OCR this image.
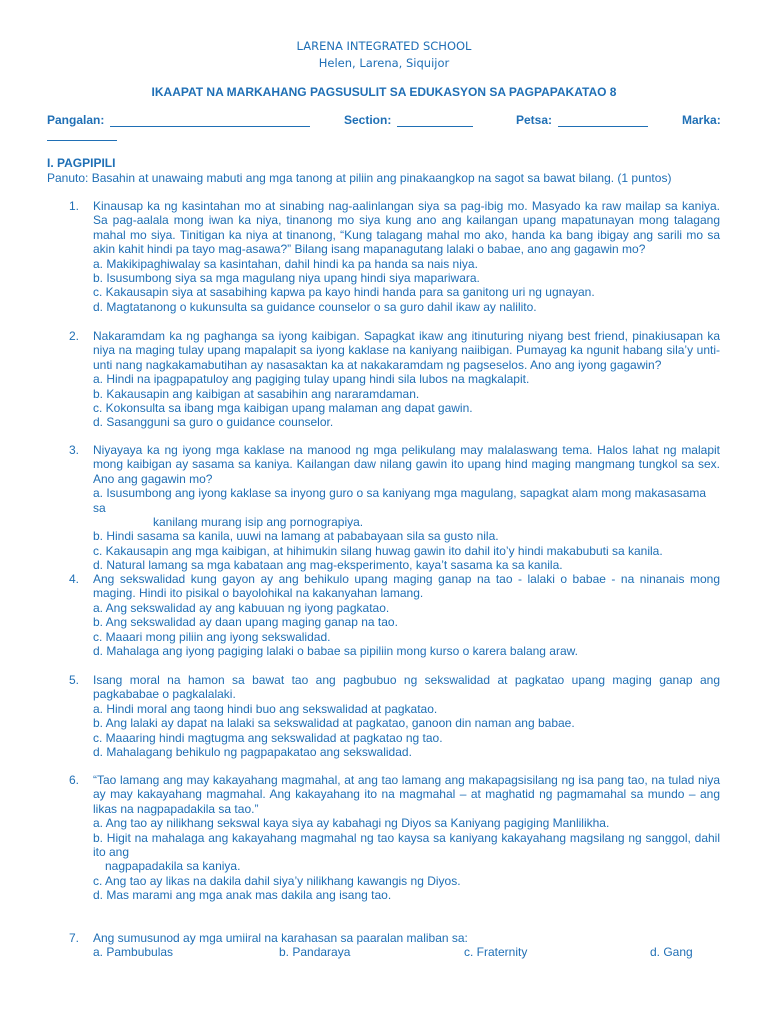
LARENA INTEGRATED SCHOOL
Helen, Larena, Siquijor
IKAAPAT NA MARKAHANG PAGSUSULIT SA EDUKASYON SA PAGPAPAKATAO 8
Pangalan:	Section:	Petsa:	Marka:
I. PAGPIPILI
Panuto: Basahin at unawaing mabuti ang mga tanong at piliin ang pinakaangkop na sagot sa bawat bilang. (1 puntos)
1. Kinausap ka ng kasintahan mo at sinabing nag-aalinlangan siya sa pag-ibig mo. Masyado ka raw mailap sa kaniya. Sa pag-aalala mong iwan ka niya, tinanong mo siya kung ano ang kailangan upang mapatunayan mong talagang mahal mo siya. Tinitigan ka niya at tinanong, “Kung talagang mahal mo ako, handa ka bang ibigay ang sarili mo sa akin kahit hindi pa tayo mag-asawa?” Bilang isang mapanagutang lalaki o babae, ano ang gagawin mo?
a. Makikipaghiwalay sa kasintahan, dahil hindi ka pa handa sa nais niya.
b. Isusumbong siya sa mga magulang niya upang hindi siya mapariwara.
c. Kakausapin siya at sasabihing kapwa pa kayo hindi handa para sa ganitong uri ng ugnayan.
d. Magtatanong o kukunsulta sa guidance counselor o sa guro dahil ikaw ay nalilito.
2. Nakaramdam ka ng paghanga sa iyong kaibigan. Sapagkat ikaw ang itinuturing niyang best friend, pinakiusapan ka niya na maging tulay upang mapalapit sa iyong kaklase na kaniyang naiibigan. Pumayag ka ngunit habang sila’y unti-unti nang nagkakamabutihan ay nasasaktan ka at nakakaramdam ng pagseselos. Ano ang iyong gagawin?
a. Hindi na ipagpapatuloy ang pagiging tulay upang hindi sila lubos na magkalapit.
b. Kakausapin ang kaibigan at sasabihin ang nararamdaman.
c. Kokonsulta sa ibang mga kaibigan upang malaman ang dapat gawin.
d. Sasangguni sa guro o guidance counselor.
3. Niyayaya ka ng iyong mga kaklase na manood ng mga pelikulang may malalaswang tema. Halos lahat ng malapit mong kaibigan ay sasama sa kaniya. Kailangan daw nilang gawin ito upang hind maging mangmang tungkol sa sex. Ano ang gagawin mo?
a. Isusumbong ang iyong kaklase sa inyong guro o sa kaniyang mga magulang, sapagkat alam mong makasasama sa
kanilang murang isip ang pornograpiya.
b. Hindi sasama sa kanila, uuwi na lamang at pababayaan sila sa gusto nila.
c. Kakausapin ang mga kaibigan, at hihimukin silang huwag gawin ito dahil ito’y hindi makabubuti sa kanila.
d. Natural lamang sa mga kabataan ang mag-eksperimento, kaya’t sasama ka sa kanila.
4. Ang sekswalidad kung gayon ay ang behikulo upang maging ganap na tao - lalaki o babae - na ninanais mong maging. Hindi ito pisikal o bayolohikal na kakanyahan lamang.
a. Ang sekswalidad ay ang kabuuan ng iyong pagkatao.
b. Ang sekswalidad ay daan upang maging ganap na tao.
c. Maaari mong piliin ang iyong sekswalidad.
d. Mahalaga ang iyong pagiging lalaki o babae sa pipiliin mong kurso o karera balang araw.
5. Isang moral na hamon sa bawat tao ang pagbubuo ng sekswalidad at pagkatao upang maging ganap ang pagkababae o pagkalalaki.
a. Hindi moral ang taong hindi buo ang sekswalidad at pagkatao.
b. Ang lalaki ay dapat na lalaki sa sekswalidad at pagkatao, ganoon din naman ang babae.
c. Maaaring hindi magtugma ang sekswalidad at pagkatao ng tao.
d. Mahalagang behikulo ng pagpapakatao ang sekswalidad.
6. “Tao lamang ang may kakayahang magmahal, at ang tao lamang ang makapagsisilang ng isa pang tao, na tulad niya ay may kakayahang magmahal. Ang kakayahang ito na magmahal – at maghatid ng pagmamahal sa mundo – ang likas na nagpapadakila sa tao.”
a. Ang tao ay nilikhang sekswal kaya siya ay kabahagi ng Diyos sa Kaniyang pagiging Manlilikha.
b. Higit na mahalaga ang kakayahang magmahal ng tao kaysa sa kaniyang kakayahang magsilang ng sanggol, dahil ito ang
nagpapadakila sa kaniya.
c. Ang tao ay likas na dakila dahil siya’y nilikhang kawangis ng Diyos.
d. Mas marami ang mga anak mas dakila ang isang tao.
7. Ang sumusunod ay mga umiiral na karahasan sa paaralan maliban sa:
a. Pambubulas	b. Pandaraya	c. Fraternity	d. Gang
